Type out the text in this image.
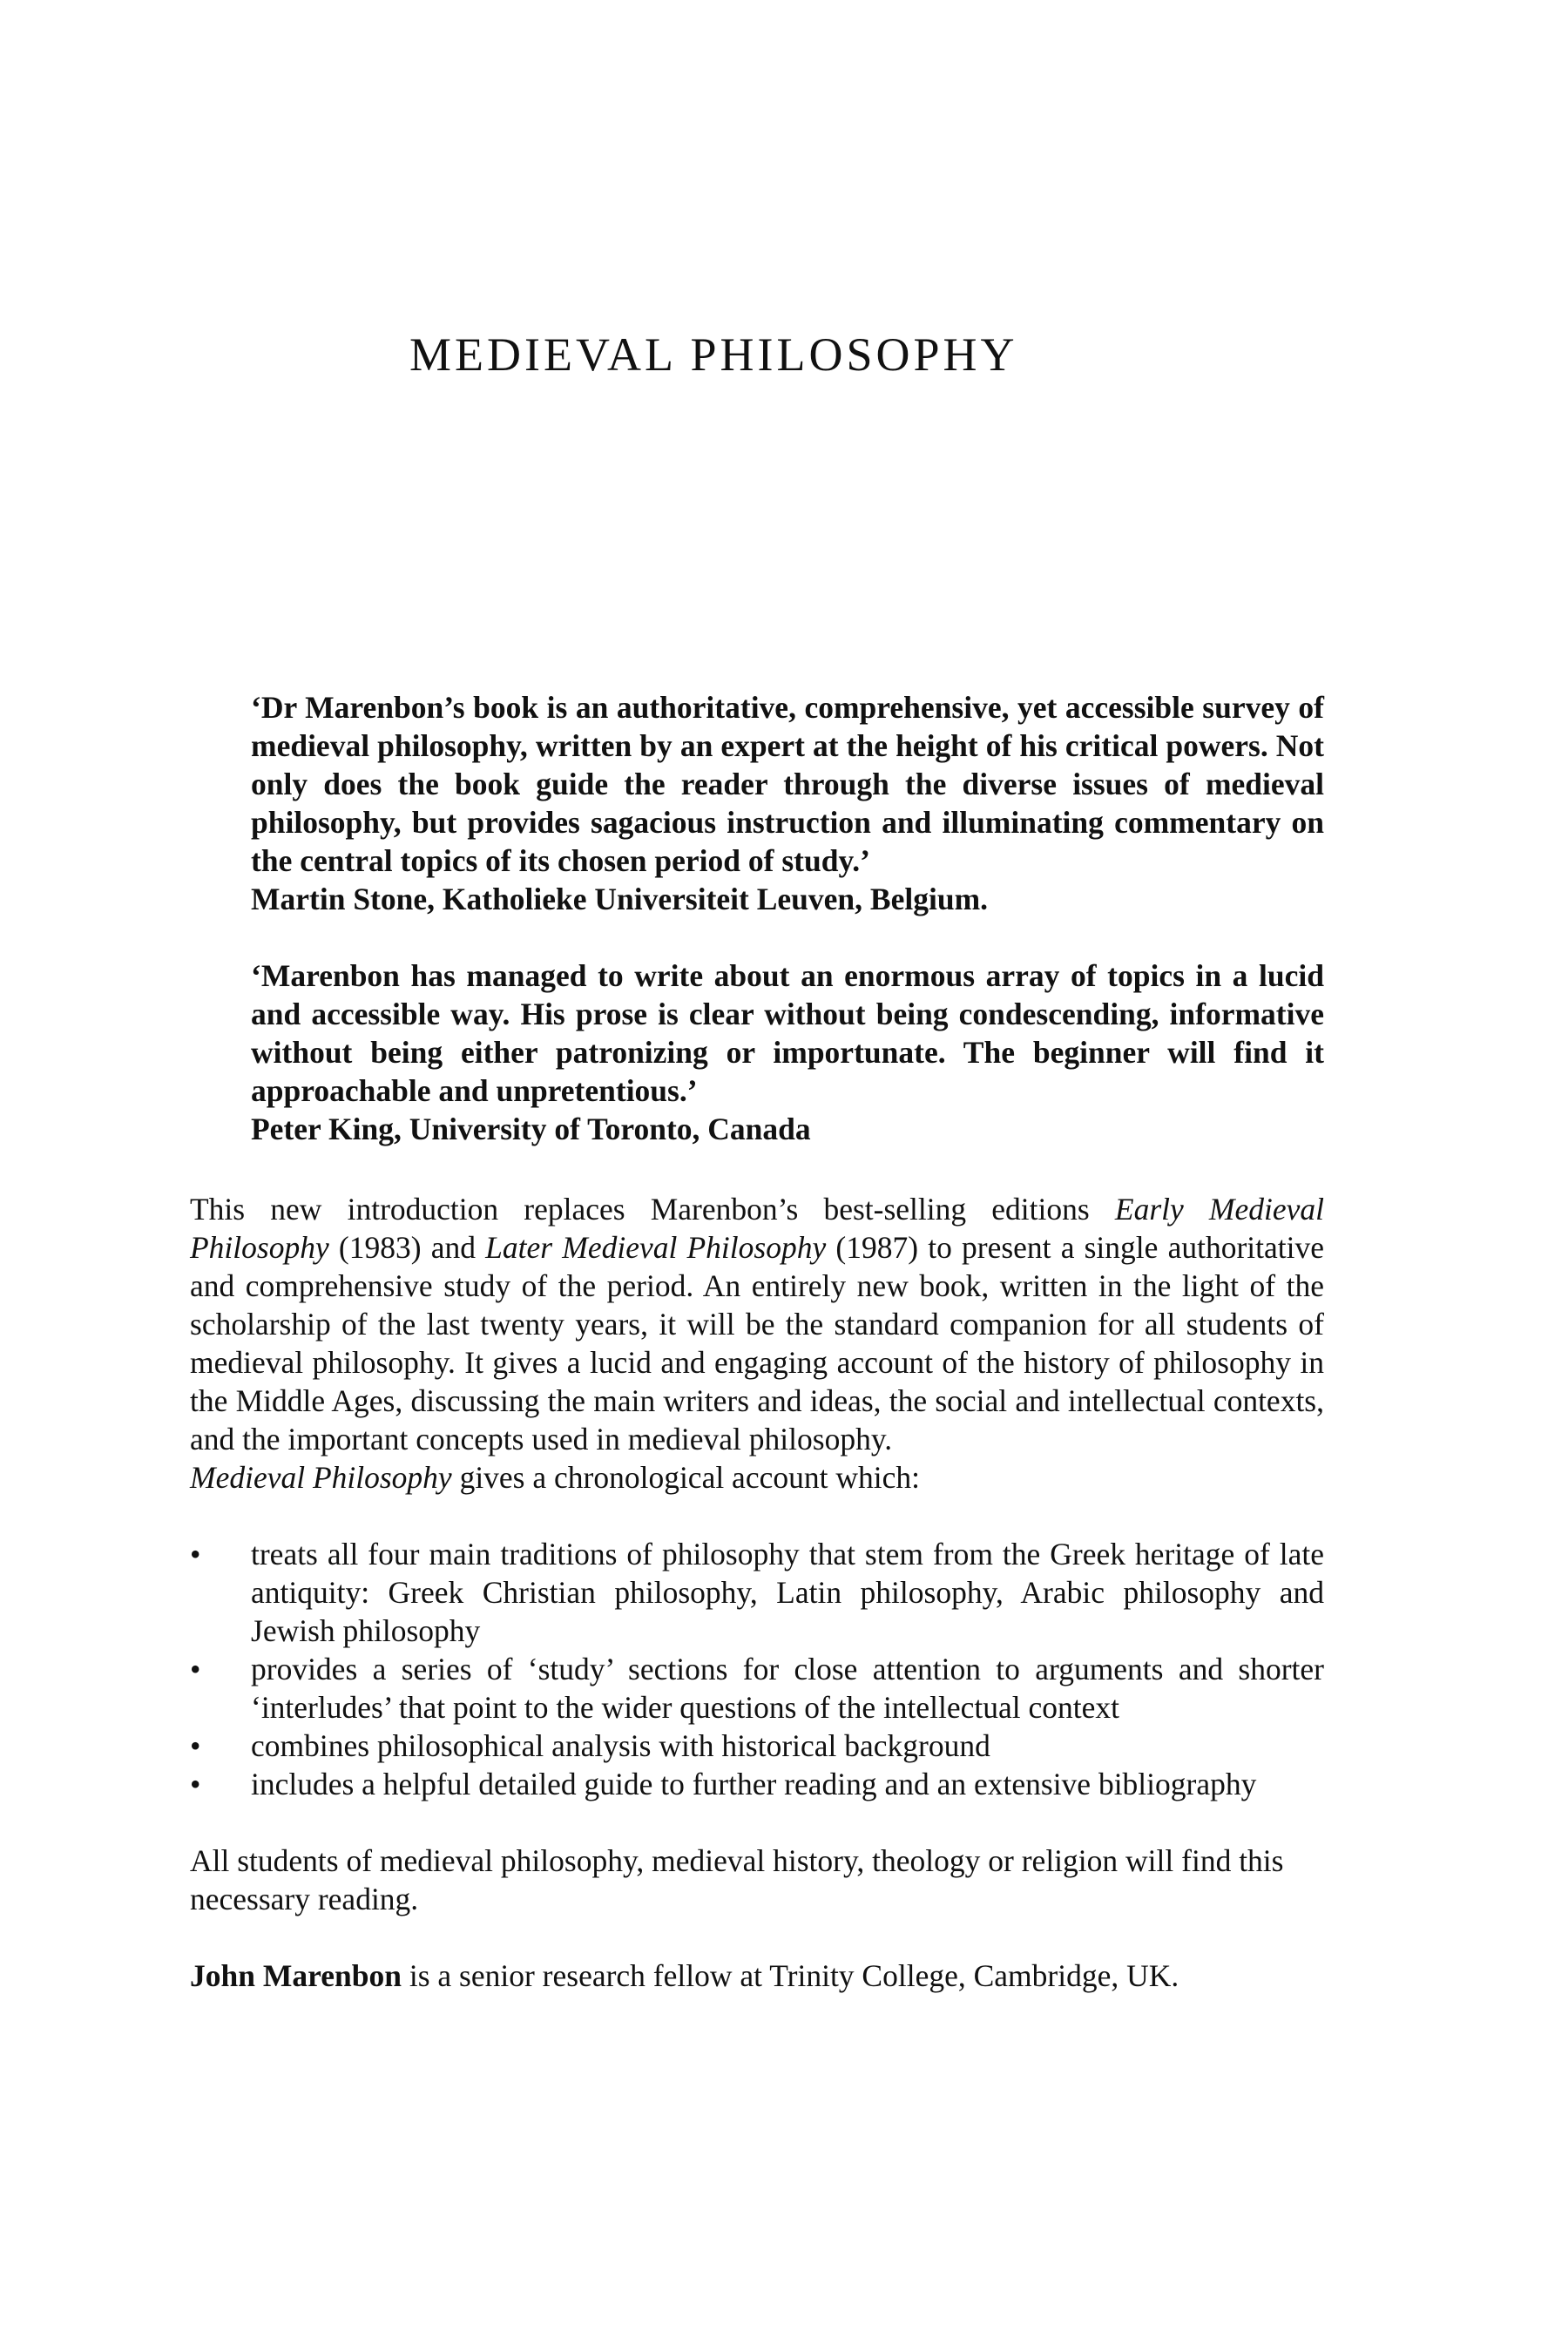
MEDIEVAL PHILOSOPHY

‘Dr Marenbon’s book is an authoritative, comprehensive, yet accessible survey of medieval philosophy, written by an expert at the height of his critical powers. Not only does the book guide the reader through the diverse issues of medieval philosophy, but provides sagacious instruction and illuminating commentary on the central topics of its chosen period of study.’

Martin Stone, Katholieke Universiteit Leuven, Belgium.

‘Marenbon has managed to write about an enormous array of topics in a lucid and accessible way. His prose is clear without being condescending, informative without being either patronizing or importunate. The beginner will find it approachable and unpretentious.’

Peter King, University of Toronto, Canada

This new introduction replaces Marenbon’s best-selling editions Early Medieval Philosophy (1983) and Later Medieval Philosophy (1987) to present a single authoritative and comprehensive study of the period. An entirely new book, written in the light of the scholarship of the last twenty years, it will be the standard companion for all students of medieval philosophy. It gives a lucid and engaging account of the history of philosophy in the Middle Ages, discussing the main writers and ideas, the social and intellectual contexts, and the important concepts used in medieval philosophy.

Medieval Philosophy gives a chronological account which:

• treats all four main traditions of philosophy that stem from the Greek heritage of late antiquity: Greek Christian philosophy, Latin philosophy, Arabic philosophy and Jewish philosophy
• provides a series of ‘study’ sections for close attention to arguments and shorter ‘interludes’ that point to the wider questions of the intellectual context
• combines philosophical analysis with historical background
• includes a helpful detailed guide to further reading and an extensive bibliography

All students of medieval philosophy, medieval history, theology or religion will find this necessary reading.

John Marenbon is a senior research fellow at Trinity College, Cambridge, UK.
